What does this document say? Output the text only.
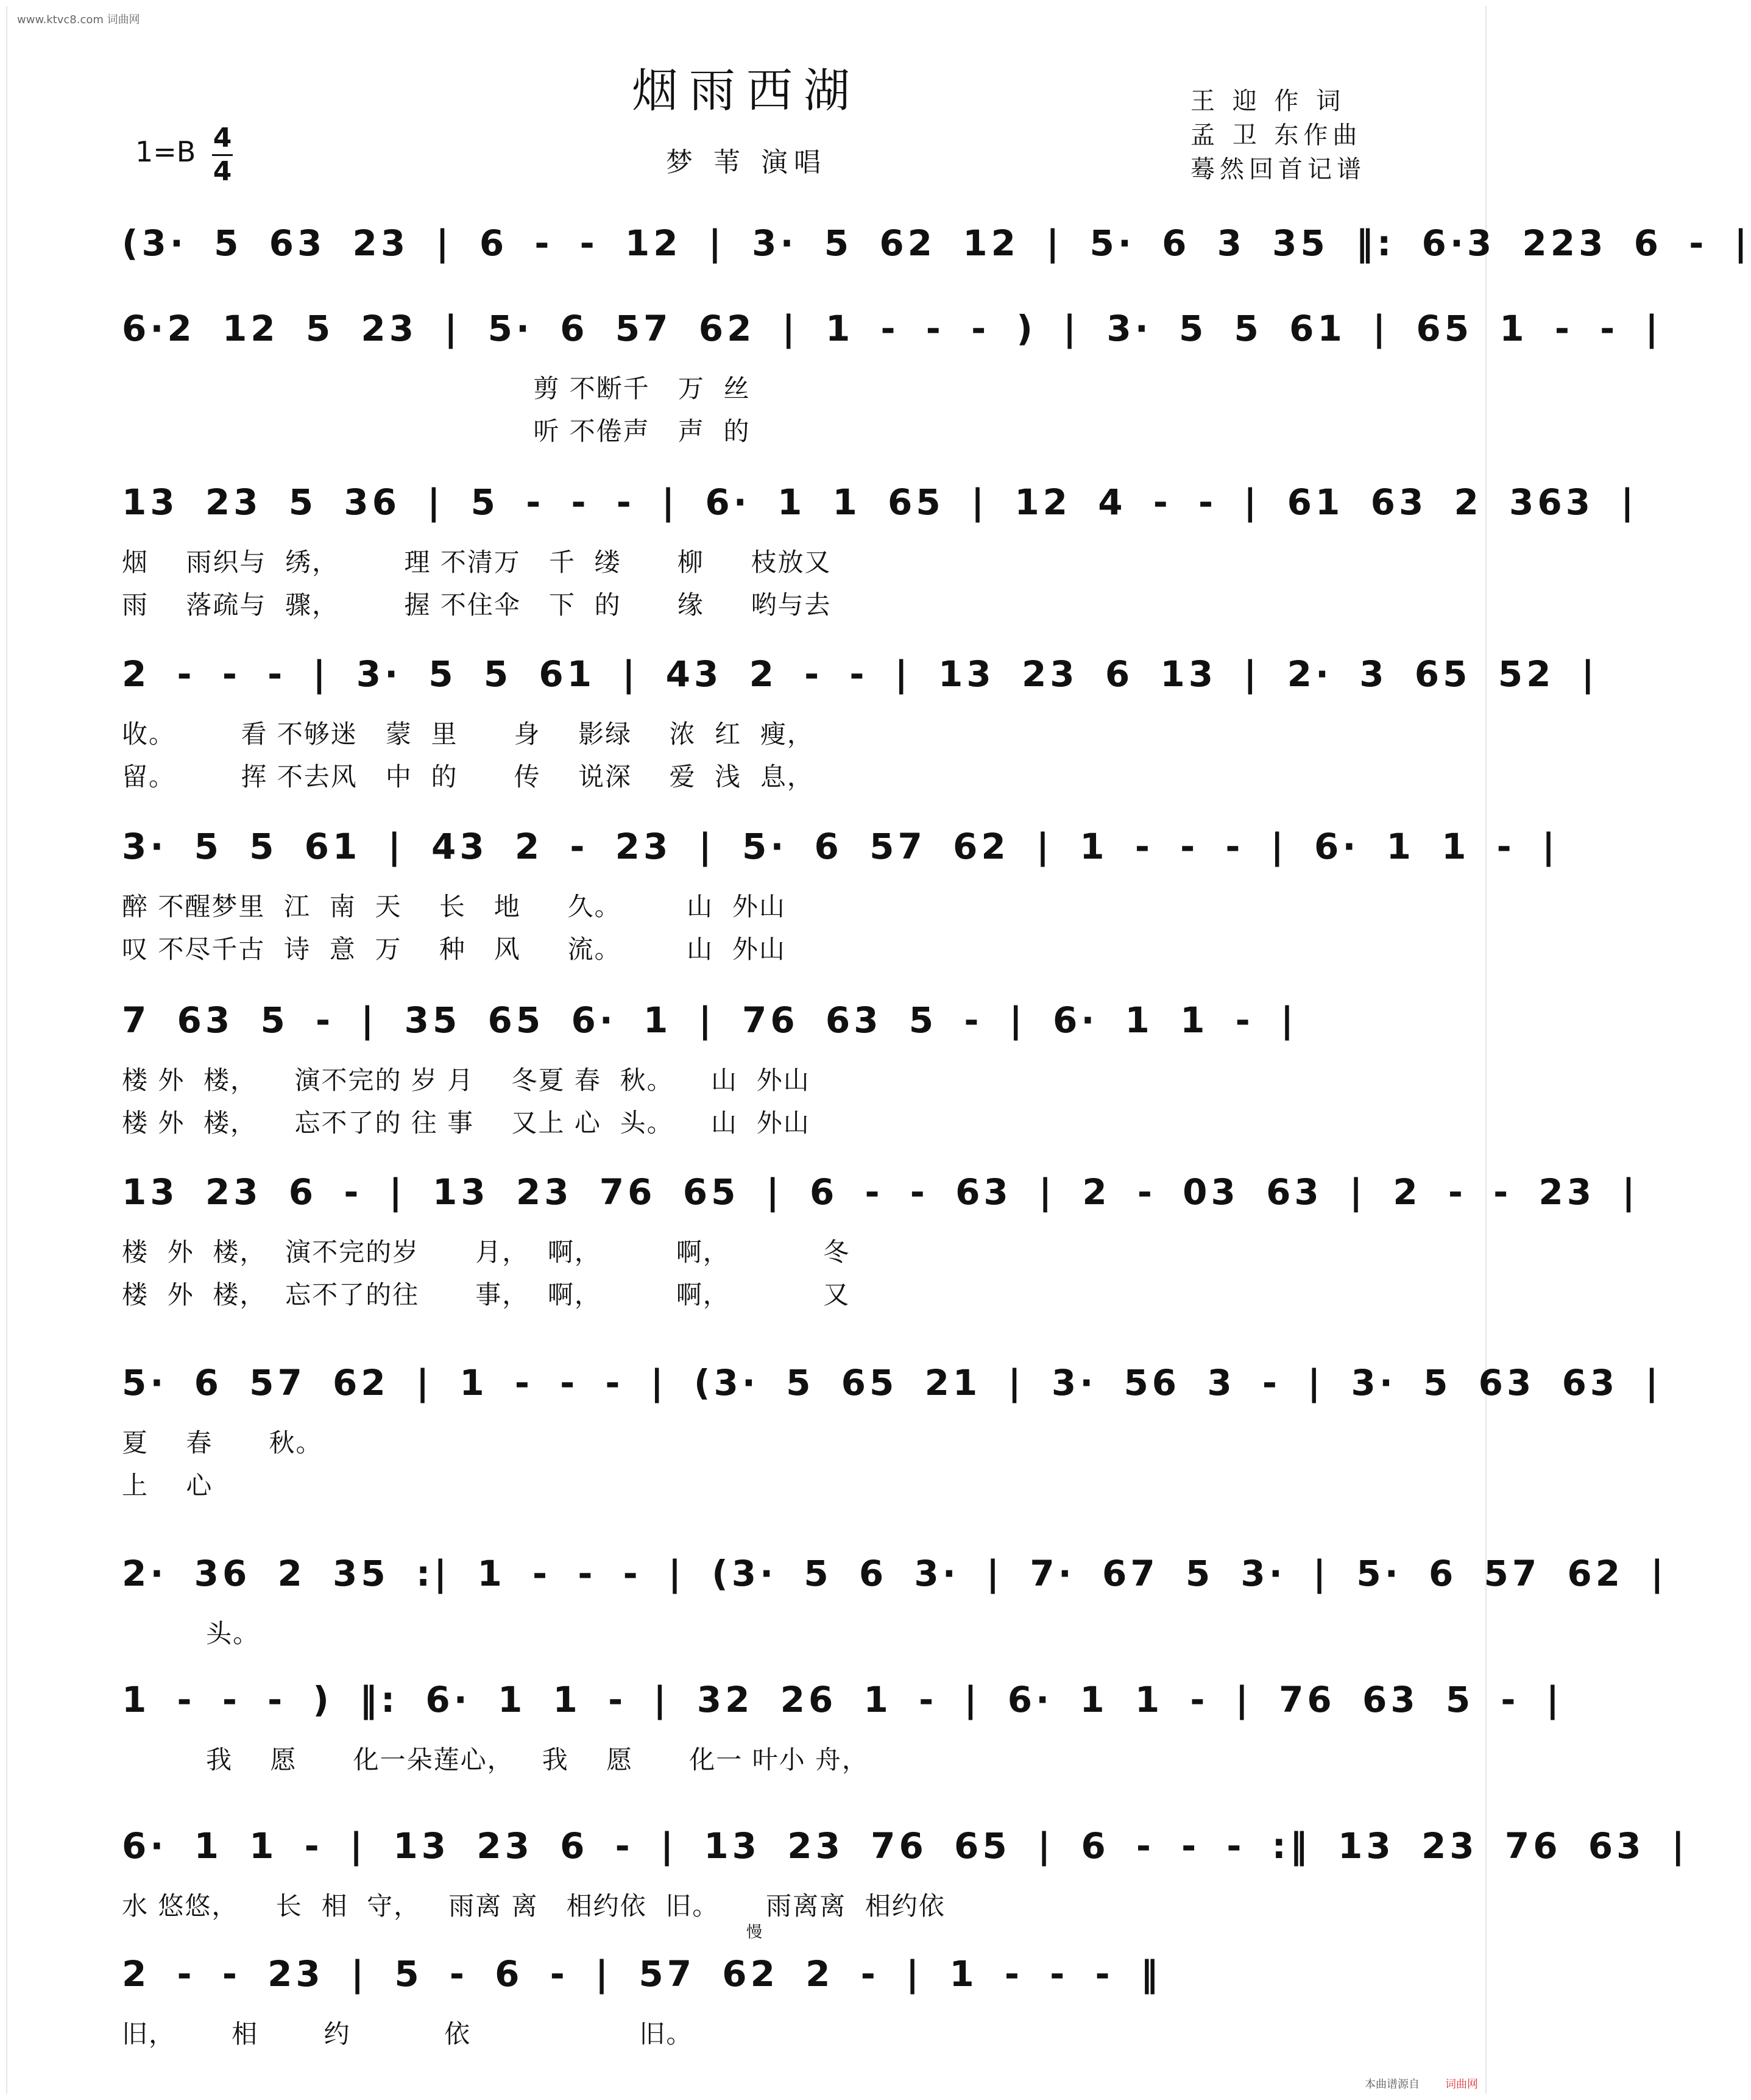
www.ktvc8.com 词曲网
烟雨西湖
梦 苇 演唱
王 迎 作 词
孟 卫 东作曲
蓦然回首记谱
1=B 4
4
(3· 5 63 23 | 6 - - 12 | 3· 5 62 12 | 5· 6 3 35 ‖: 6·3 223 6 - |
6·2 12 5 23 | 5· 6 57 62 | 1 - - - ) | 3· 5 5 61 | 65 1 - - |
剪 不断千   万  丝
听 不倦声   声  的
13 23 5 36 | 5 - - - | 6· 1 1 65 | 12 4 - - | 61 63 2 363 |
烟    雨织与  绣，       理 不清万   千  缕      柳     枝放又
雨    落疏与  骤，       握 不住伞   下  的      缘     哟与去
2 - - - | 3· 5 5 61 | 43 2 - - | 13 23 6 13 | 2· 3 65 52 |
收。       看 不够迷   蒙  里      身    影绿    浓  红  瘦，
留。       挥 不去风   中  的      传    说深    爱  浅  息，
3· 5 5 61 | 43 2 - 23 | 5· 6 57 62 | 1 - - - | 6· 1 1 - |
醉 不醒梦里  江  南  天    长   地     久。       山  外山
叹 不尽千古  诗  意  万    种   风     流。       山  外山
7 63 5 - | 35 65 6· 1 | 76 63 5 - | 6· 1 1 - |
楼 外  楼，    演不完的 岁 月    冬夏 春  秋。    山  外山
楼 外  楼，    忘不了的 往 事    又上 心  头。    山  外山
13 23 6 - | 13 23 76 65 | 6 - - 63 | 2 - 03 63 | 2 - - 23 |
楼  外  楼，  演不完的岁      月，  啊，        啊，          冬
楼  外  楼，  忘不了的往      事，  啊，        啊，          又
5· 6 57 62 | 1 - - - | (3· 5 65 21 | 3· 56 3 - | 3· 5 63 63 |
夏    春      秋。
上    心
2· 36 2 35 :| 1 - - - | (3· 5 6 3· | 7· 67 5 3· | 5· 6 57 62 |
头。
1 - - - ) ‖: 6· 1 1 - | 32 26 1 - | 6· 1 1 - | 76 63 5 - |
我    愿      化一朵莲心，   我    愿      化一 叶小 舟，
6· 1 1 - | 13 23 6 - | 13 23 76 65 | 6 - - - :‖ 13 23 76 63 |
水 悠悠，    长  相  守，   雨离 离   相约依  旧。     雨离离  相约依
2 - - 23 | 5 - 6 - | 57 62 2 - | 1 - - - ‖
旧，      相       约          依                  旧。
慢
本曲谱源自 词曲网
